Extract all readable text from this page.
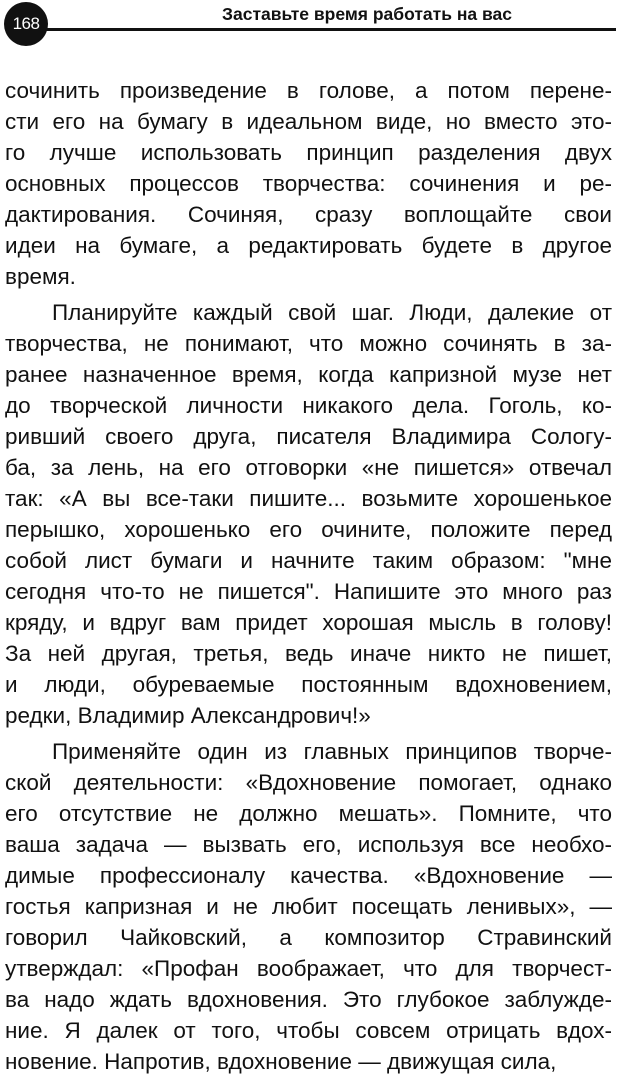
168	Заставьте время работать на вас
сочинить произведение в голове, а потом перене-
сти его на бумагу в идеальном виде, но вместо это-
го лучше использовать принцип разделения двух
основных процессов творчества: сочинения и ре-
дактирования. Сочиняя, сразу воплощайте свои
идеи на бумаге, а редактировать будете в другое
время.
Планируйте каждый свой шаг. Люди, далекие от
творчества, не понимают, что можно сочинять в за-
ранее назначенное время, когда капризной музе нет
до творческой личности никакого дела. Гоголь, ко-
ривший своего друга, писателя Владимира Сологу-
ба, за лень, на его отговорки «не пишется» отвечал
так: «А вы все-таки пишите... возьмите хорошенькое
перышко, хорошенько его очините, положите перед
собой лист бумаги и начните таким образом: "мне
сегодня что-то не пишется". Напишите это много раз
кряду, и вдруг вам придет хорошая мысль в голову!
За ней другая, третья, ведь иначе никто не пишет,
и люди, обуреваемые постоянным вдохновением,
редки, Владимир Александрович!»
Применяйте один из главных принципов творче-
ской деятельности: «Вдохновение помогает, однако
его отсутствие не должно мешать». Помните, что
ваша задача — вызвать его, используя все необхо-
димые профессионалу качества. «Вдохновение —
гостья капризная и не любит посещать ленивых», —
говорил Чайковский, а композитор Стравинский
утверждал: «Профан воображает, что для творчест-
ва надо ждать вдохновения. Это глубокое заблужде-
ние. Я далек от того, чтобы совсем отрицать вдох-
новение. Напротив, вдохновение — движущая сила,
